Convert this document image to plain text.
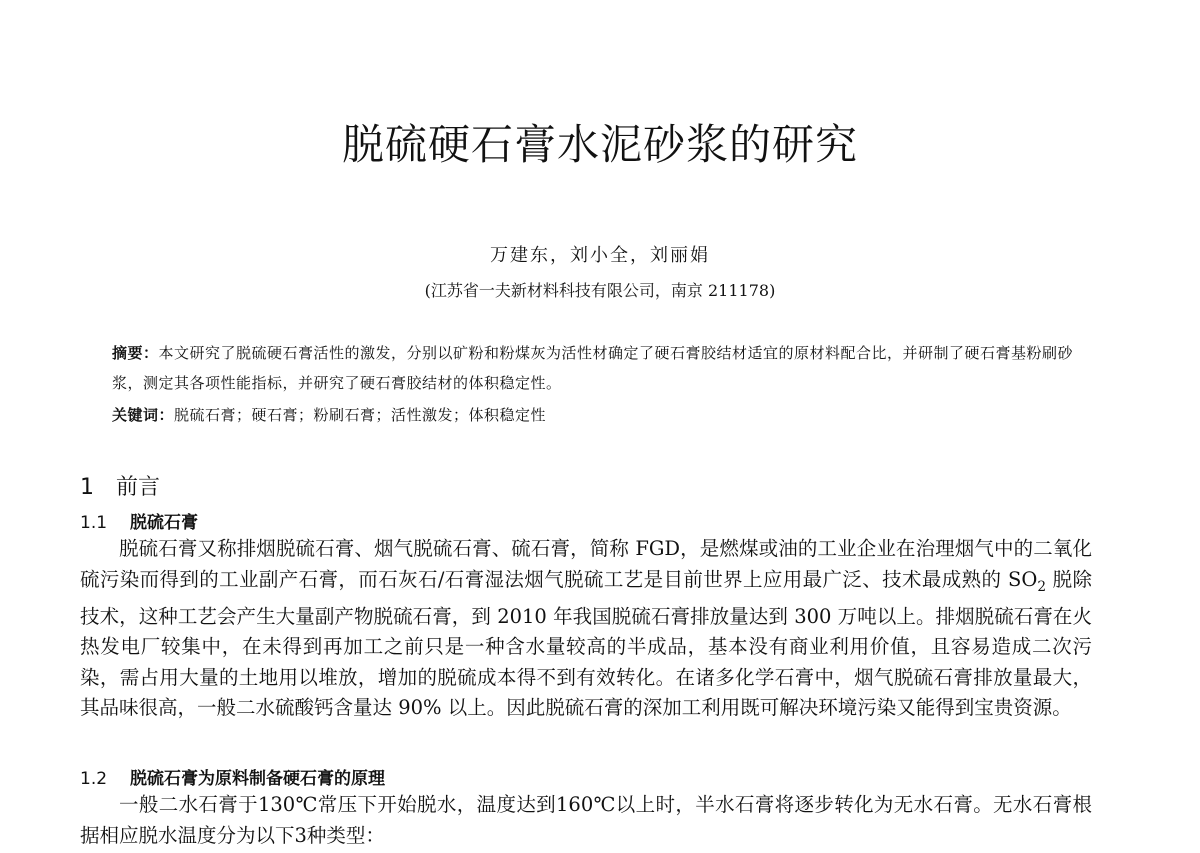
脱硫硬石膏水泥砂浆的研究
万建东，刘小全，刘丽娟
(江苏省一夫新材料科技有限公司，南京 211178)

摘要：本文研究了脱硫硬石膏活性的激发，分别以矿粉和粉煤灰为活性材确定了硬石膏胶结材适宜的原材料配合比，并研制了硬石膏基粉刷砂浆，测定其各项性能指标，并研究了硬石膏胶结材的体积稳定性。

关键词：脱硫石膏；硬石膏；粉刷石膏；活性激发；体积稳定性
1 前言
1.1 脱硫石膏

脱硫石膏又称排烟脱硫石膏、烟气脱硫石膏、硫石膏，简称 FGD，是燃煤或油的工业企业在治理烟气中的二氧化硫污染而得到的工业副产石膏，而石灰石/石膏湿法烟气脱硫工艺是目前世界上应用最广泛、技术最成熟的 $SO_2$ 脱除技术，这种工艺会产生大量副产物脱硫石膏，到 2010 年我国脱硫石膏排放量达到 300 万吨以上。排烟脱硫石膏在火热发电厂较集中，在未得到再加工之前只是一种含水量较高的半成品，基本没有商业利用价值，且容易造成二次污染，需占用大量的土地用以堆放，增加的脱硫成本得不到有效转化。在诸多化学石膏中，烟气脱硫石膏排放量最大，其品味很高，一般二水硫酸钙含量达 90% 以上。因此脱硫石膏的深加工利用既可解决环境污染又能得到宝贵资源。

1.2 脱硫石膏为原料制备硬石膏的原理

一般二水石膏于130℃常压下开始脱水，温度达到160℃以上时，半水石膏将逐步转化为无水石膏。无水石膏根据相应脱水温度分为以下3种类型：
